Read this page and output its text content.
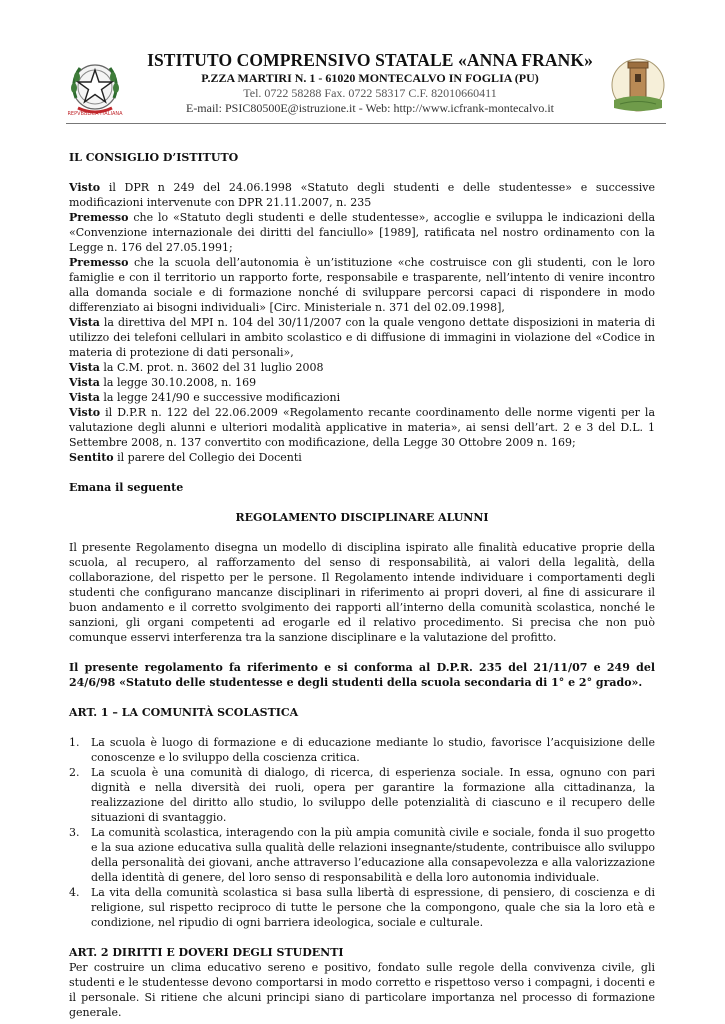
REPVBBLICA ITALIANA
ISTITUTO COMPRENSIVO STATALE «ANNA FRANK»
P.ZZA MARTIRI N. 1 - 61020 MONTECALVO IN FOGLIA (PU)
Tel. 0722 58288 Fax. 0722 58317 C.F. 82010660411
E-mail: PSIC80500E@istruzione.it - Web: http://www.icfrank-montecalvo.it

IL CONSIGLIO D’ISTITUTO

Visto il DPR n 249 del 24.06.1998 «Statuto degli studenti e delle studentesse» e successive modificazioni intervenute con DPR 21.11.2007, n. 235

Premesso che lo «Statuto degli studenti e delle studentesse», accoglie e sviluppa le indicazioni della «Convenzione internazionale dei diritti del fanciullo» [1989], ratificata nel nostro ordinamento con la Legge n. 176 del 27.05.1991;

Premesso che la scuola dell’autonomia è un’istituzione «che costruisce con gli studenti, con le loro famiglie e con il territorio un rapporto forte, responsabile e trasparente, nell’intento di venire incontro alla domanda sociale e di formazione nonché di sviluppare percorsi capaci di rispondere in modo differenziato ai bisogni individuali» [Circ. Ministeriale n. 371 del 02.09.1998],

Vista la direttiva del MPI n. 104 del 30/11/2007 con la quale vengono dettate disposizioni in materia di utilizzo dei telefoni cellulari in ambito scolastico e di diffusione di immagini in violazione del «Codice in materia di protezione di dati personali»,

Vista la C.M. prot. n. 3602 del 31 luglio 2008

Vista la legge 30.10.2008, n. 169

Vista la legge 241/90 e successive modificazioni

Visto il D.P.R n. 122 del 22.06.2009 «Regolamento recante coordinamento delle norme vigenti per la valutazione degli alunni e ulteriori modalità applicative in materia», ai sensi dell’art. 2 e 3 del D.L. 1 Settembre 2008, n. 137 convertito con modificazione, della Legge 30 Ottobre 2009 n. 169;

Sentito il parere del Collegio dei Docenti

Emana il seguente

REGOLAMENTO DISCIPLINARE ALUNNI

Il presente Regolamento disegna un modello di disciplina ispirato alle finalità educative proprie della scuola, al recupero, al rafforzamento del senso di responsabilità, ai valori della legalità, della collaborazione, del rispetto per le persone. Il Regolamento intende individuare i comportamenti degli studenti che configurano mancanze disciplinari in riferimento ai propri doveri, al fine di assicurare il buon andamento e il corretto svolgimento dei rapporti all’interno della comunità scolastica, nonché le sanzioni, gli organi competenti ad erogarle ed il relativo procedimento. Si precisa che non può comunque esservi interferenza tra la sanzione disciplinare e la valutazione del profitto.

Il presente regolamento fa riferimento e si conforma al D.P.R. 235 del 21/11/07 e 249 del 24/6/98 «Statuto delle studentesse e degli studenti della scuola secondaria di 1° e 2° grado».

ART. 1 – LA COMUNITÀ SCOLASTICA

1. La scuola è luogo di formazione e di educazione mediante lo studio, favorisce l’acquisizione delle conoscenze e lo sviluppo della coscienza critica.
2. La scuola è una comunità di dialogo, di ricerca, di esperienza sociale. In essa, ognuno con pari dignità e nella diversità dei ruoli, opera per garantire la formazione alla cittadinanza, la realizzazione del diritto allo studio, lo sviluppo delle potenzialità di ciascuno e il recupero delle situazioni di svantaggio.
3. La comunità scolastica, interagendo con la più ampia comunità civile e sociale, fonda il suo progetto e la sua azione educativa sulla qualità delle relazioni insegnante/studente, contribuisce allo sviluppo della personalità dei giovani, anche attraverso l’educazione alla consapevolezza e alla valorizzazione della identità di genere, del loro senso di responsabilità e della loro autonomia individuale.
4. La vita della comunità scolastica si basa sulla libertà di espressione, di pensiero, di coscienza e di religione, sul rispetto reciproco di tutte le persone che la compongono, quale che sia la loro età e condizione, nel ripudio di ogni barriera ideologica, sociale e culturale.

ART. 2 DIRITTI E DOVERI DEGLI STUDENTI

Per costruire un clima educativo sereno e positivo, fondato sulle regole della convivenza civile, gli studenti e le studentesse devono comportarsi in modo corretto e rispettoso verso i compagni, i docenti e il personale. Si ritiene che alcuni principi siano di particolare importanza nel processo di formazione generale.
